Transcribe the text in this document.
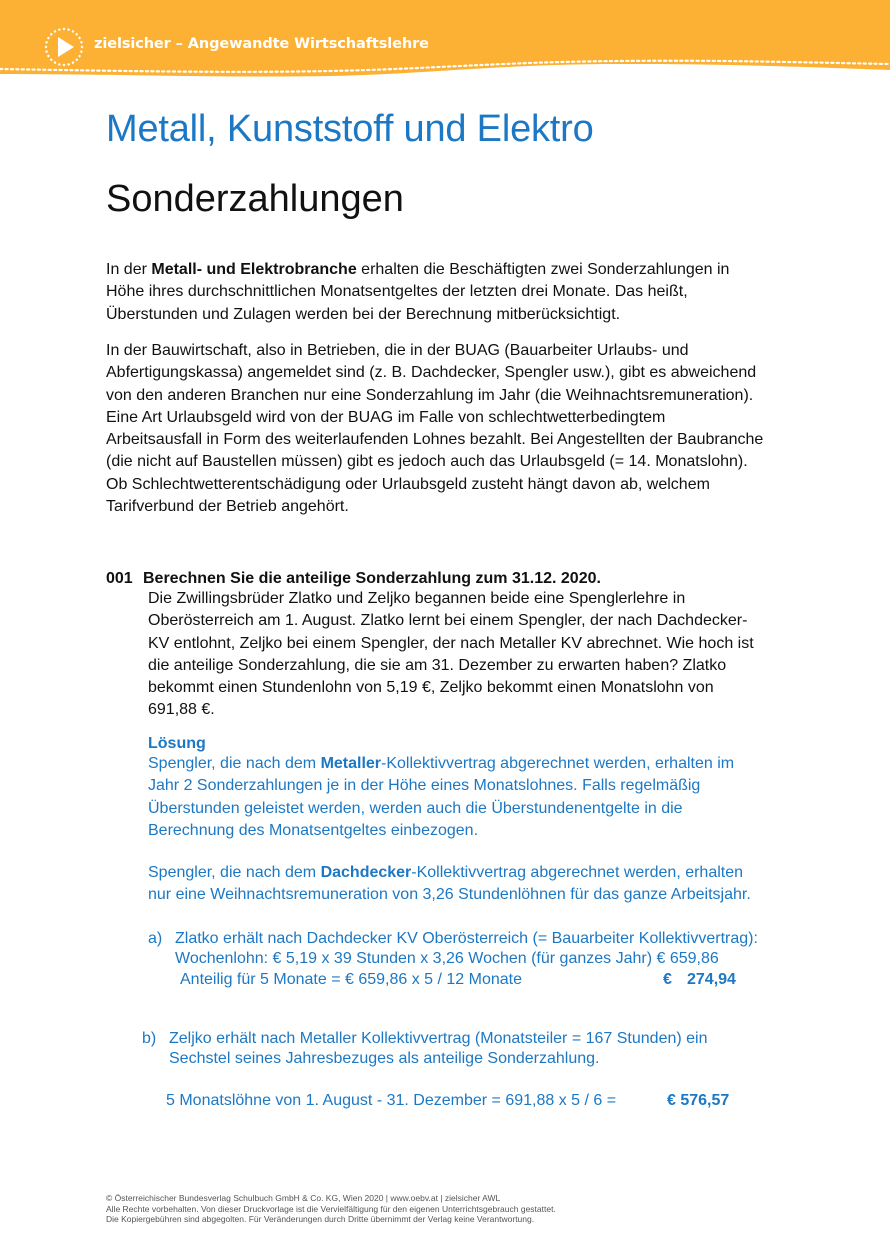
zielsicher – Angewandte Wirtschaftslehre
Metall, Kunststoff und Elektro
Sonderzahlungen
In der Metall- und Elektrobranche erhalten die Beschäftigten zwei Sonderzahlungen in
Höhe ihres durchschnittlichen Monatsentgeltes der letzten drei Monate. Das heißt,
Überstunden und Zulagen werden bei der Berechnung mitberücksichtigt.
In der Bauwirtschaft, also in Betrieben, die in der BUAG (Bauarbeiter Urlaubs- und
Abfertigungskassa) angemeldet sind (z. B. Dachdecker, Spengler usw.), gibt es abweichend
von den anderen Branchen nur eine Sonderzahlung im Jahr (die Weihnachtsremuneration).
Eine Art Urlaubsgeld wird von der BUAG im Falle von schlechtwetterbedingtem
Arbeitsausfall in Form des weiterlaufenden Lohnes bezahlt. Bei Angestellten der Baubranche
(die nicht auf Baustellen müssen) gibt es jedoch auch das Urlaubsgeld (= 14. Monatslohn).
Ob Schlechtwetterentschädigung oder Urlaubsgeld zusteht hängt davon ab, welchem
Tarifverbund der Betrieb angehört.
001 Berechnen Sie die anteilige Sonderzahlung zum 31.12. 2020.
Die Zwillingsbrüder Zlatko und Zeljko begannen beide eine Spenglerlehre in
Oberösterreich am 1. August. Zlatko lernt bei einem Spengler, der nach Dachdecker-
KV entlohnt, Zeljko bei einem Spengler, der nach Metaller KV abrechnet. Wie hoch ist
die anteilige Sonderzahlung, die sie am 31. Dezember zu erwarten haben? Zlatko
bekommt einen Stundenlohn von 5,19 €, Zeljko bekommt einen Monatslohn von
691,88 €.
Lösung
Spengler, die nach dem Metaller-Kollektivvertrag abgerechnet werden, erhalten im
Jahr 2 Sonderzahlungen je in der Höhe eines Monatslohnes. Falls regelmäßig
Überstunden geleistet werden, werden auch die Überstundenentgelte in die
Berechnung des Monatsentgeltes einbezogen.
Spengler, die nach dem Dachdecker-Kollektivvertrag abgerechnet werden, erhalten
nur eine Weihnachtsremuneration von 3,26 Stundenlöhnen für das ganze Arbeitsjahr.
a) Zlatko erhält nach Dachdecker KV Oberösterreich (= Bauarbeiter Kollektivvertrag):
Wochenlohn: € 5,19 x 39 Stunden x 3,26 Wochen (für ganzes Jahr) € 659,86
Anteilig für 5 Monate = € 659,86 x 5 / 12 Monate	€ 274,94
b) Zeljko erhält nach Metaller Kollektivvertrag (Monatsteiler = 167 Stunden) ein
Sechstel seines Jahresbezuges als anteilige Sonderzahlung.
5 Monatslöhne von 1. August - 31. Dezember = 691,88 x 5 / 6 =	€ 576,57
© Österreichischer Bundesverlag Schulbuch GmbH & Co. KG, Wien 2020 | www.oebv.at | zielsicher AWL
Alle Rechte vorbehalten. Von dieser Druckvorlage ist die Vervielfältigung für den eigenen Unterrichtsgebrauch gestattet.
Die Kopiergebühren sind abgegolten. Für Veränderungen durch Dritte übernimmt der Verlag keine Verantwortung.
